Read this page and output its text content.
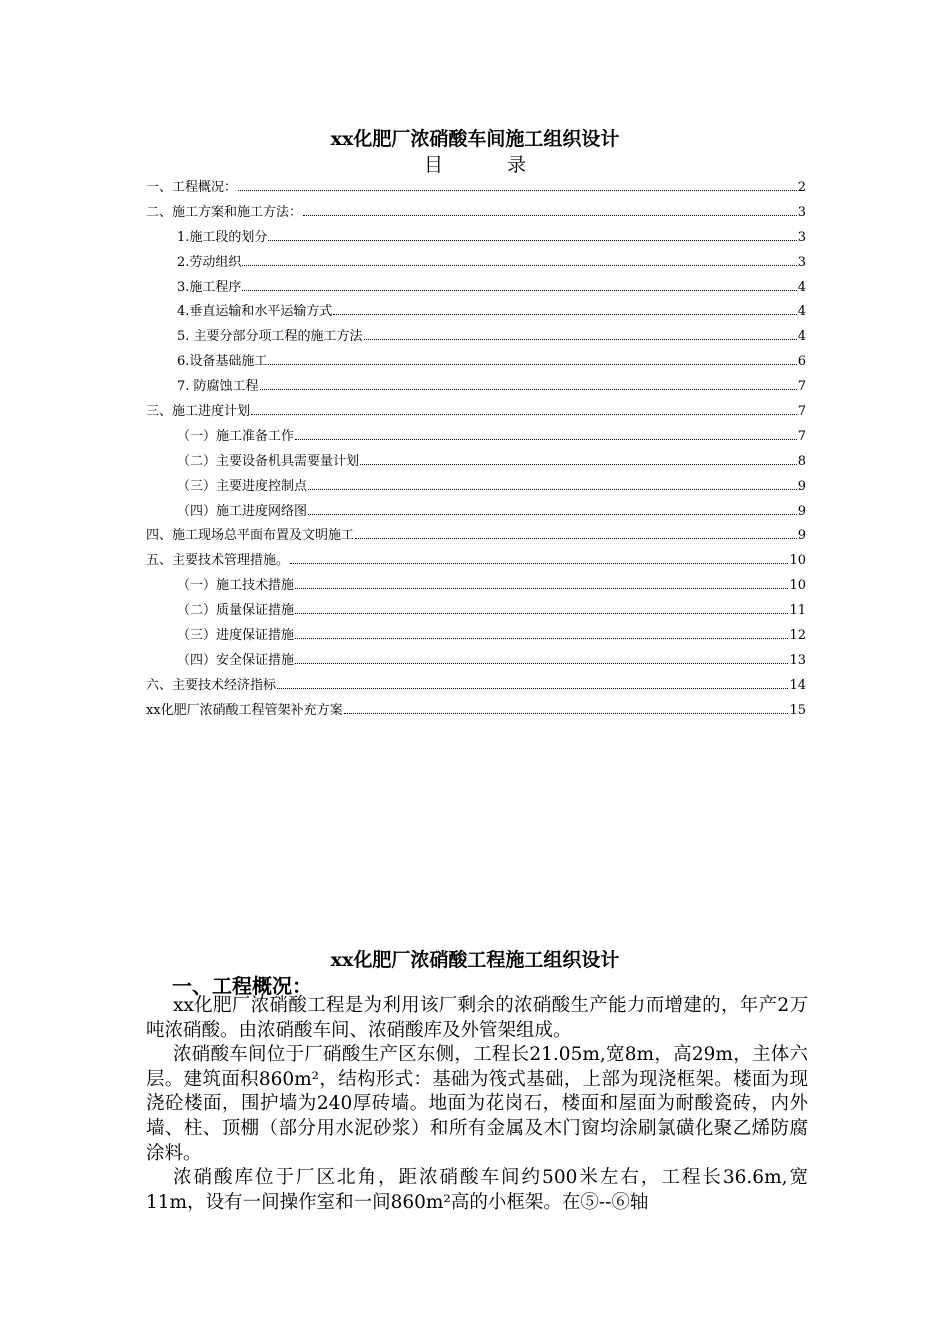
xx化肥厂浓硝酸车间施工组织设计
目	录
一、工程概况：	2
二、施工方案和施工方法：	3
1.施工段的划分	3
2.劳动组织	3
3.施工程序	4
4.垂直运输和水平运输方式	4
5. 主要分部分项工程的施工方法	4
6.设备基础施工	6
7. 防腐蚀工程	7
三、施工进度计划	7
（一）施工准备工作	7
（二）主要设备机具需要量计划	8
（三）主要进度控制点	9
（四）施工进度网络图	9
四、施工现场总平面布置及文明施工	9
五、主要技术管理措施。	10
（一）施工技术措施	10
（二）质量保证措施	11
（三）进度保证措施	12
（四）安全保证措施	13
六、主要技术经济指标	14
xx化肥厂浓硝酸工程管架补充方案	15
xx化肥厂浓硝酸工程施工组织设计
一、工程概况：

xx化肥厂浓硝酸工程是为利用该厂剩余的浓硝酸生产能力而增建的，年产2万吨浓硝酸。由浓硝酸车间、浓硝酸库及外管架组成。

浓硝酸车间位于厂硝酸生产区东侧，工程长21.05m,宽8m，高29m，主体六层。建筑面积860m²，结构形式：基础为筏式基础，上部为现浇框架。楼面为现浇砼楼面，围护墙为240厚砖墙。地面为花岗石，楼面和屋面为耐酸瓷砖，内外墙、柱、顶棚（部分用水泥砂浆）和所有金属及木门窗均涂刷氯磺化聚乙烯防腐涂料。

浓硝酸库位于厂区北角，距浓硝酸车间约500米左右，工程长36.6m,宽11m，设有一间操作室和一间860m²高的小框架。在⑤--⑥轴
